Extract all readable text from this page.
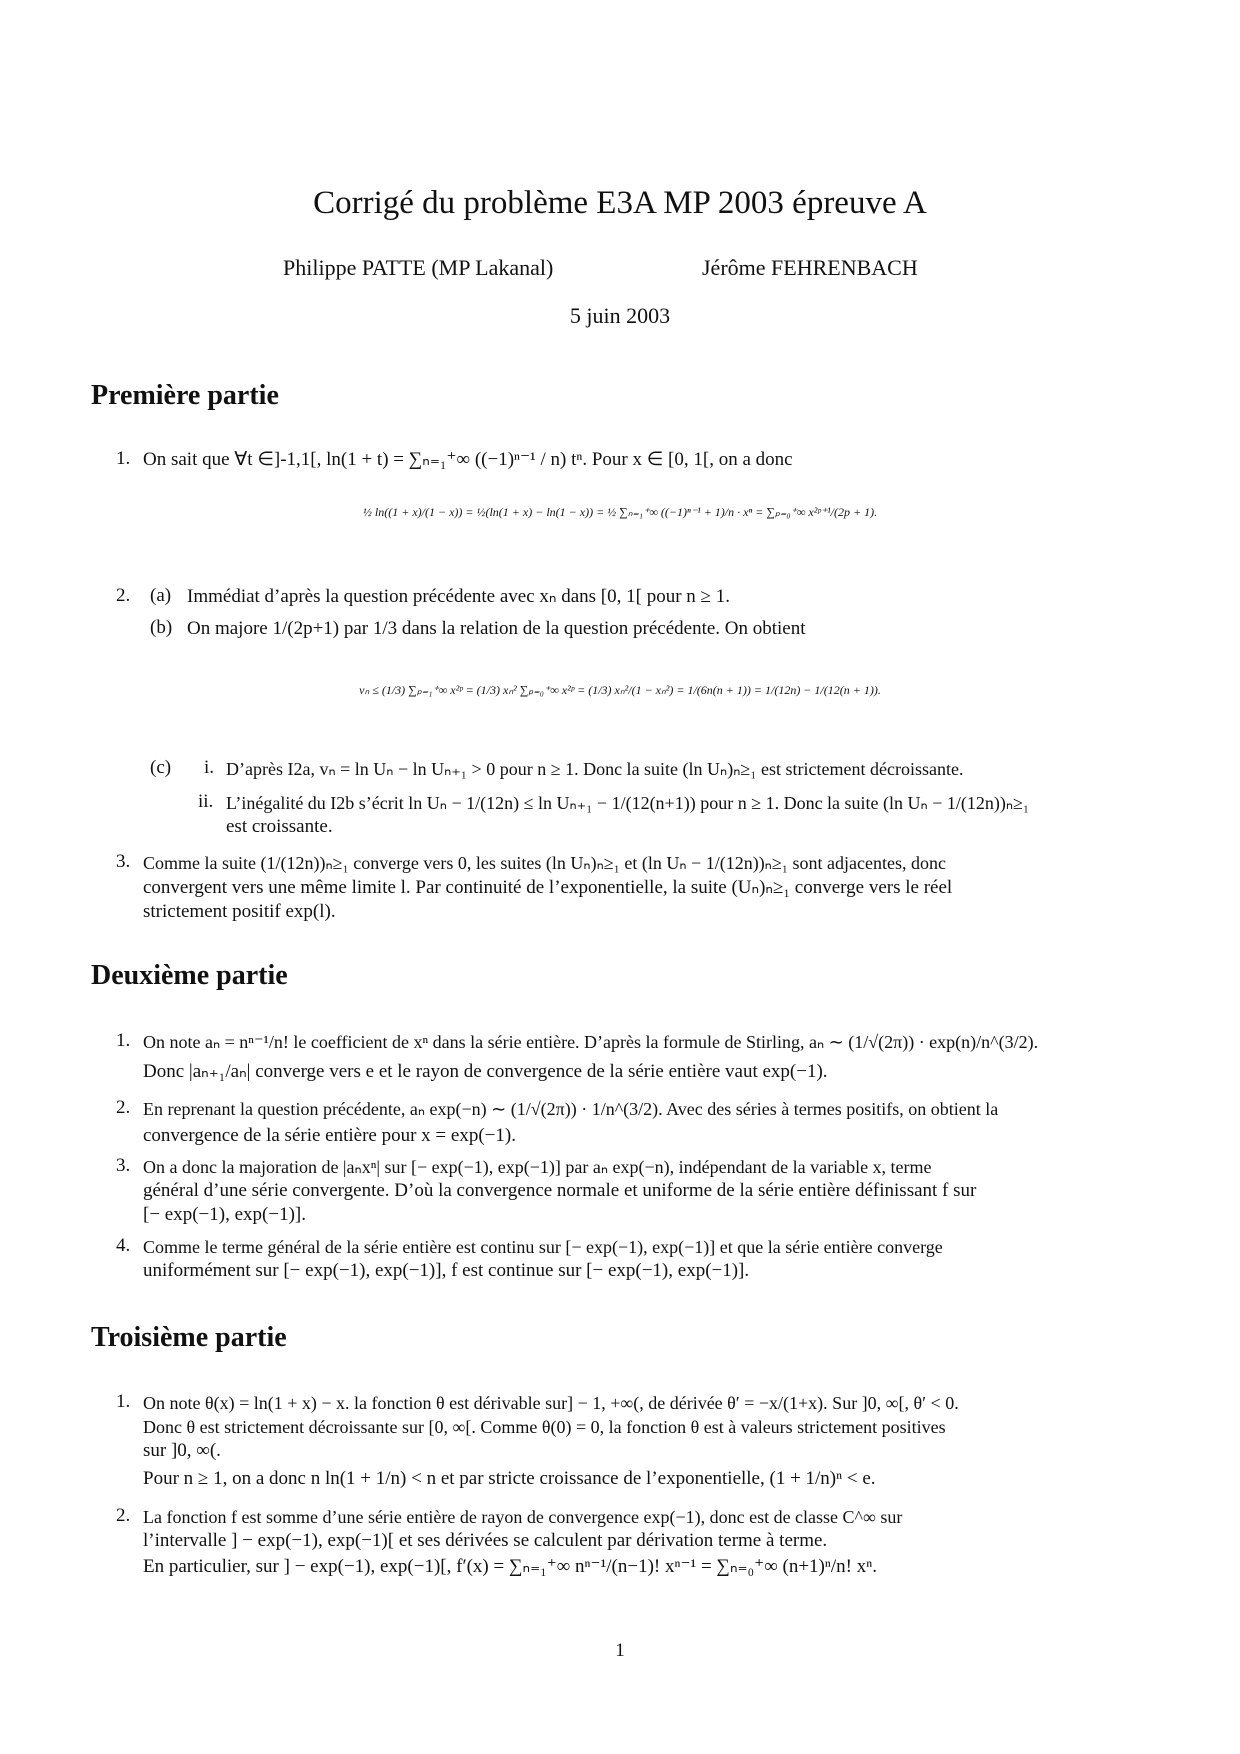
Corrigé du problème E3A MP 2003 épreuve A
Philippe PATTE (MP Lakanal)	Jérôme FEHRENBACH
5 juin 2003
Première partie
1. On sait que ∀t ∈]-1,1[, ln(1 + t) = ∑ₙ₌₁⁺∞ ((−1)ⁿ⁻¹ / n) tⁿ. Pour x ∈ [0, 1[, on a donc
½ ln((1 + x)/(1 − x)) = ½(ln(1 + x) − ln(1 − x)) = ½ ∑ₙ₌₁⁺∞ ((−1)ⁿ⁻¹ + 1)/n · xⁿ = ∑ₚ₌₀⁺∞ x²ᵖ⁺¹/(2p + 1).
2. (a) Immédiat d’après la question précédente avec xₙ dans [0, 1[ pour n ≥ 1.
(b) On majore 1/(2p+1) par 1/3 dans la relation de la question précédente. On obtient
vₙ ≤ (1/3) ∑ₚ₌₁⁺∞ x²ᵖ = (1/3) xₙ² ∑ₚ₌₀⁺∞ x²ᵖ = (1/3) xₙ²/(1 − xₙ²) = 1/(6n(n + 1)) = 1/(12n) − 1/(12(n + 1)).
(c) i. D’après I2a, vₙ = ln Uₙ − ln Uₙ₊₁ > 0 pour n ≥ 1. Donc la suite (ln Uₙ)ₙ≥₁ est strictement décroissante.
ii. L’inégalité du I2b s’écrit ln Uₙ − 1/(12n) ≤ ln Uₙ₊₁ − 1/(12(n+1)) pour n ≥ 1. Donc la suite (ln Uₙ − 1/(12n))ₙ≥₁
est croissante.
3. Comme la suite (1/(12n))ₙ≥₁ converge vers 0, les suites (ln Uₙ)ₙ≥₁ et (ln Uₙ − 1/(12n))ₙ≥₁ sont adjacentes, donc
convergent vers une même limite l. Par continuité de l’exponentielle, la suite (Uₙ)ₙ≥₁ converge vers le réel
strictement positif exp(l).
Deuxième partie
1. On note aₙ = nⁿ⁻¹/n! le coefficient de xⁿ dans la série entière. D’après la formule de Stirling, aₙ ∼ (1/√(2π)) · exp(n)/n^(3/2).
Donc |aₙ₊₁/aₙ| converge vers e et le rayon de convergence de la série entière vaut exp(−1).
2. En reprenant la question précédente, aₙ exp(−n) ∼ (1/√(2π)) · 1/n^(3/2). Avec des séries à termes positifs, on obtient la
convergence de la série entière pour x = exp(−1).
3. On a donc la majoration de |aₙxⁿ| sur [− exp(−1), exp(−1)] par aₙ exp(−n), indépendant de la variable x, terme
général d’une série convergente. D’où la convergence normale et uniforme de la série entière définissant f sur
[− exp(−1), exp(−1)].
4. Comme le terme général de la série entière est continu sur [− exp(−1), exp(−1)] et que la série entière converge
uniformément sur [− exp(−1), exp(−1)], f est continue sur [− exp(−1), exp(−1)].
Troisième partie
1. On note θ(x) = ln(1 + x) − x. la fonction θ est dérivable sur] − 1, +∞(, de dérivée θ′ = −x/(1+x). Sur ]0, ∞[, θ′ < 0.
Donc θ est strictement décroissante sur [0, ∞[. Comme θ(0) = 0, la fonction θ est à valeurs strictement positives
sur ]0, ∞(.
Pour n ≥ 1, on a donc n ln(1 + 1/n) < n et par stricte croissance de l’exponentielle, (1 + 1/n)ⁿ < e.
2. La fonction f est somme d’une série entière de rayon de convergence exp(−1), donc est de classe C^∞ sur
l’intervalle ] − exp(−1), exp(−1)[ et ses dérivées se calculent par dérivation terme à terme.
En particulier, sur ] − exp(−1), exp(−1)[, f′(x) = ∑ₙ₌₁⁺∞ nⁿ⁻¹/(n−1)! xⁿ⁻¹ = ∑ₙ₌₀⁺∞ (n+1)ⁿ/n! xⁿ.
1
